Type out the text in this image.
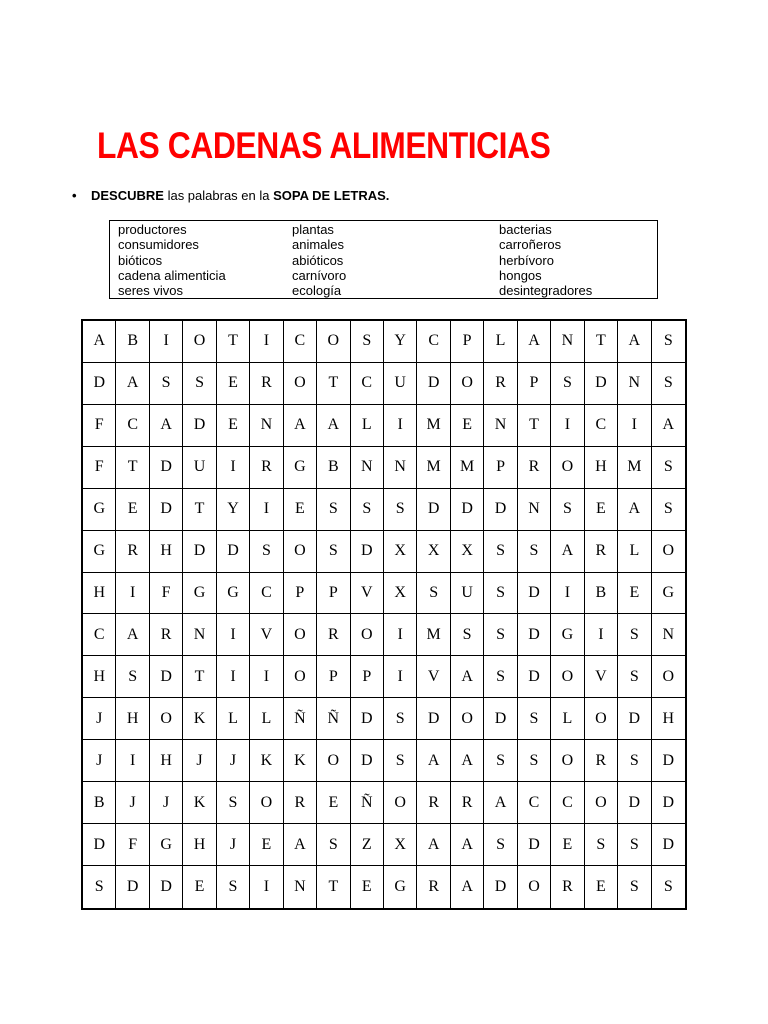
LAS CADENAS ALIMENTICIAS
• DESCUBRE las palabras en la SOPA DE LETRAS.
productores
consumidores
bióticos
cadena alimenticia
seres vivos
plantas
animales
abióticos
carnívoro
ecología
bacterias
carroñeros
herbívoro
hongos
desintegradores
A	B	I	O	T	I	C	O	S	Y	C	P	L	A	N	T	A	S
D	A	S	S	E	R	O	T	C	U	D	O	R	P	S	D	N	S
F	C	A	D	E	N	A	A	L	I	M	E	N	T	I	C	I	A
F	T	D	U	I	R	G	B	N	N	M	M	P	R	O	H	M	S
G	E	D	T	Y	I	E	S	S	S	D	D	D	N	S	E	A	S
G	R	H	D	D	S	O	S	D	X	X	X	S	S	A	R	L	O
H	I	F	G	G	C	P	P	V	X	S	U	S	D	I	B	E	G
C	A	R	N	I	V	O	R	O	I	M	S	S	D	G	I	S	N
H	S	D	T	I	I	O	P	P	I	V	A	S	D	O	V	S	O
J	H	O	K	L	L	Ñ	Ñ	D	S	D	O	D	S	L	O	D	H
J	I	H	J	J	K	K	O	D	S	A	A	S	S	O	R	S	D
B	J	J	K	S	O	R	E	Ñ	O	R	R	A	C	C	O	D	D
D	F	G	H	J	E	A	S	Z	X	A	A	S	D	E	S	S	D
S	D	D	E	S	I	N	T	E	G	R	A	D	O	R	E	S	S
